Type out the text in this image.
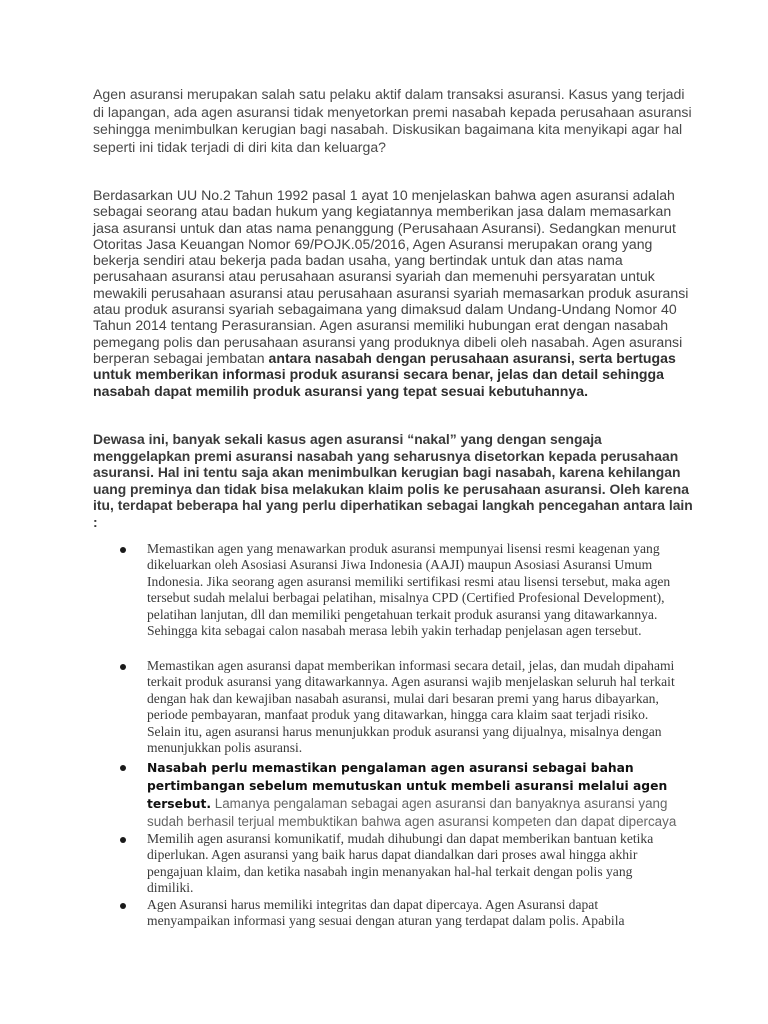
Agen asuransi merupakan salah satu pelaku aktif dalam transaksi asuransi. Kasus yang terjadi di lapangan, ada agen asuransi tidak menyetorkan premi nasabah kepada perusahaan asuransi sehingga menimbulkan kerugian bagi nasabah. Diskusikan bagaimana kita menyikapi agar hal seperti ini tidak terjadi di diri kita dan keluarga?

Berdasarkan UU No.2 Tahun 1992 pasal 1 ayat 10 menjelaskan bahwa agen asuransi adalah sebagai seorang atau badan hukum yang kegiatannya memberikan jasa dalam memasarkan jasa asuransi untuk dan atas nama penanggung (Perusahaan Asuransi). Sedangkan menurut Otoritas Jasa Keuangan Nomor 69/POJK.05/2016, Agen Asuransi merupakan orang yang bekerja sendiri atau bekerja pada badan usaha, yang bertindak untuk dan atas nama perusahaan asuransi atau perusahaan asuransi syariah dan memenuhi persyaratan untuk mewakili perusahaan asuransi atau perusahaan asuransi syariah memasarkan produk asuransi atau produk asuransi syariah sebagaimana yang dimaksud dalam Undang-Undang Nomor 40 Tahun 2014 tentang Perasuransian. Agen asuransi memiliki hubungan erat dengan nasabah pemegang polis dan perusahaan asuransi yang produknya dibeli oleh nasabah. Agen asuransi berperan sebagai jembatan antara nasabah dengan perusahaan asuransi, serta bertugas untuk memberikan informasi produk asuransi secara benar, jelas dan detail sehingga nasabah dapat memilih produk asuransi yang tepat sesuai kebutuhannya.

Dewasa ini, banyak sekali kasus agen asuransi “nakal” yang dengan sengaja menggelapkan premi asuransi nasabah yang seharusnya disetorkan kepada perusahaan asuransi. Hal ini tentu saja akan menimbulkan kerugian bagi nasabah, karena kehilangan uang preminya dan tidak bisa melakukan klaim polis ke perusahaan asuransi. Oleh karena itu, terdapat beberapa hal yang perlu diperhatikan sebagai langkah pencegahan antara lain :

Memastikan agen yang menawarkan produk asuransi mempunyai lisensi resmi keagenan yang dikeluarkan oleh Asosiasi Asuransi Jiwa Indonesia (AAJI) maupun Asosiasi Asuransi Umum Indonesia. Jika seorang agen asuransi memiliki sertifikasi resmi atau lisensi tersebut, maka agen tersebut sudah melalui berbagai pelatihan, misalnya CPD (Certified Profesional Development), pelatihan lanjutan, dll dan memiliki pengetahuan terkait produk asuransi yang ditawarkannya. Sehingga kita sebagai calon nasabah merasa lebih yakin terhadap penjelasan agen tersebut.
Memastikan agen asuransi dapat memberikan informasi secara detail, jelas, dan mudah dipahami terkait produk asuransi yang ditawarkannya. Agen asuransi wajib menjelaskan seluruh hal terkait dengan hak dan kewajiban nasabah asuransi, mulai dari besaran premi yang harus dibayarkan, periode pembayaran, manfaat produk yang ditawarkan, hingga cara klaim saat terjadi risiko. Selain itu, agen asuransi harus menunjukkan produk asuransi yang dijualnya, misalnya dengan menunjukkan polis asuransi.
Nasabah perlu memastikan pengalaman agen asuransi sebagai bahan pertimbangan sebelum memutuskan untuk membeli asuransi melalui agen tersebut. Lamanya pengalaman sebagai agen asuransi dan banyaknya asuransi yang sudah berhasil terjual membuktikan bahwa agen asuransi kompeten dan dapat dipercaya
Memilih agen asuransi komunikatif, mudah dihubungi dan dapat memberikan bantuan ketika diperlukan. Agen asuransi yang baik harus dapat diandalkan dari proses awal hingga akhir pengajuan klaim, dan ketika nasabah ingin menanyakan hal-hal terkait dengan polis yang dimiliki.
Agen Asuransi harus memiliki integritas dan dapat dipercaya. Agen Asuransi dapat menyampaikan informasi yang sesuai dengan aturan yang terdapat dalam polis. Apabila
